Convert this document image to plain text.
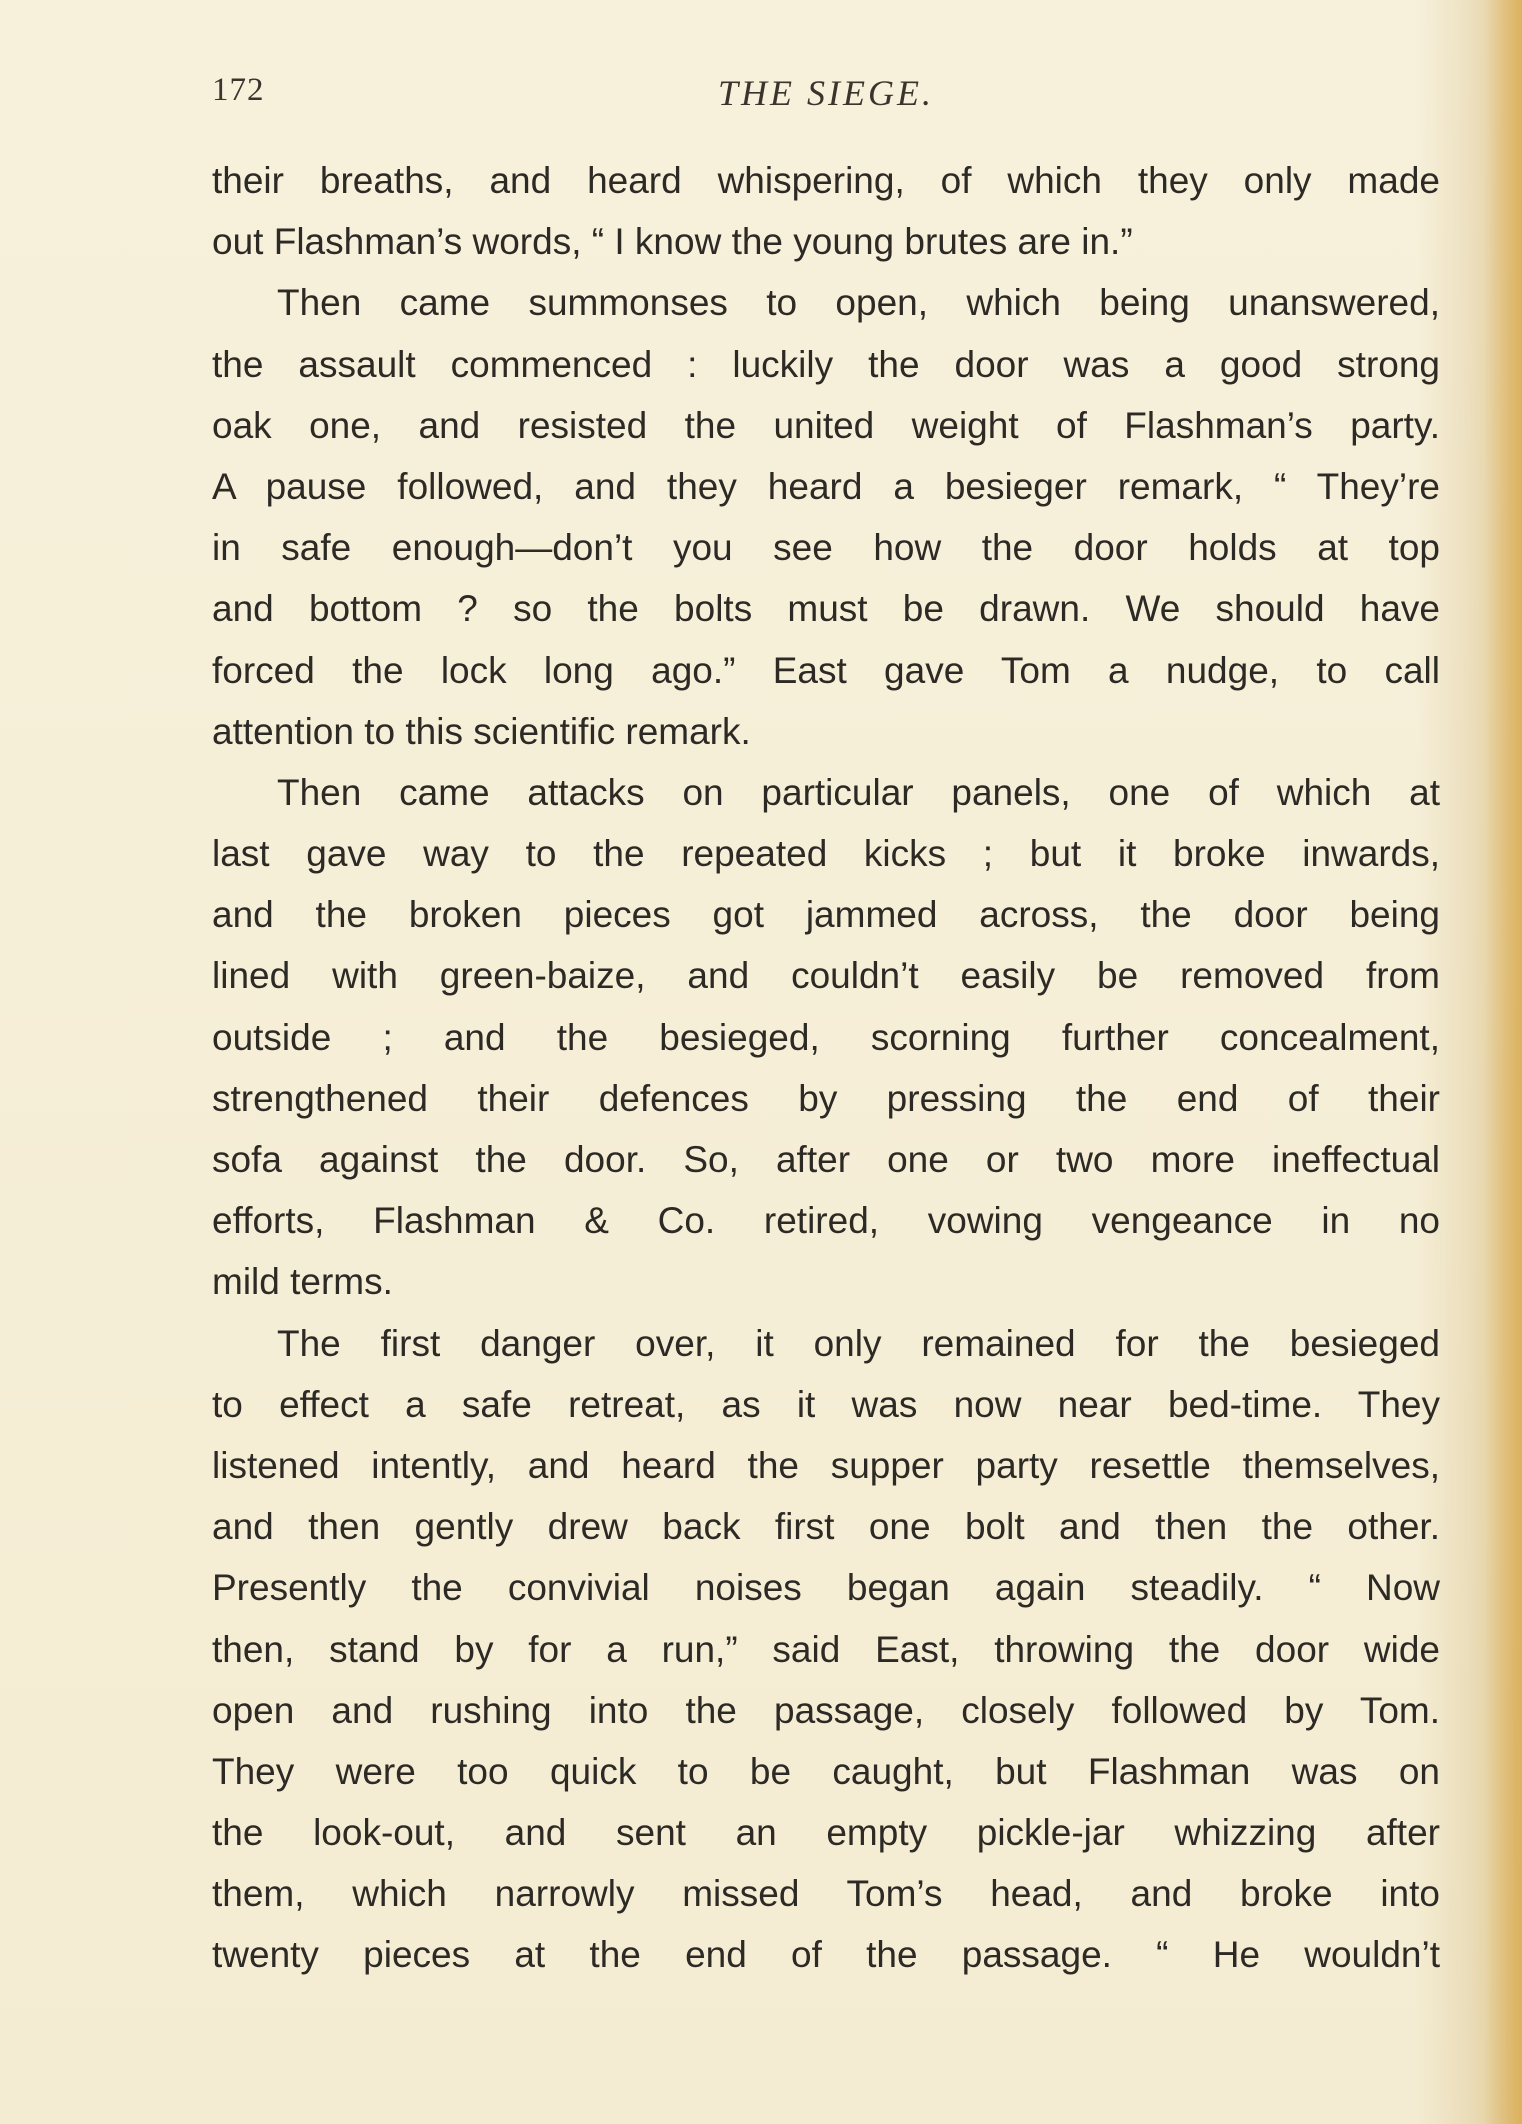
172	THE SIEGE.
their breaths, and heard whispering, of which they only made
out Flashman’s words, “ I know the young brutes are in.”
Then came summonses to open, which being unanswered,
the assault commenced : luckily the door was a good strong
oak one, and resisted the united weight of Flashman’s party.
A pause followed, and they heard a besieger remark, “ They’re
in safe enough—don’t you see how the door holds at top
and bottom ? so the bolts must be drawn. We should have
forced the lock long ago.” East gave Tom a nudge, to call
attention to this scientific remark.
Then came attacks on particular panels, one of which at
last gave way to the repeated kicks ; but it broke inwards,
and the broken pieces got jammed across, the door being
lined with green-baize, and couldn’t easily be removed from
outside ; and the besieged, scorning further concealment,
strengthened their defences by pressing the end of their
sofa against the door. So, after one or two more ineffectual
efforts, Flashman & Co. retired, vowing vengeance in no
mild terms.
The first danger over, it only remained for the besieged
to effect a safe retreat, as it was now near bed-time. They
listened intently, and heard the supper party resettle themselves,
and then gently drew back first one bolt and then the other.
Presently the convivial noises began again steadily. “ Now
then, stand by for a run,” said East, throwing the door wide
open and rushing into the passage, closely followed by Tom.
They were too quick to be caught, but Flashman was on
the look-out, and sent an empty pickle-jar whizzing after
them, which narrowly missed Tom’s head, and broke into
twenty pieces at the end of the passage. “ He wouldn’t
